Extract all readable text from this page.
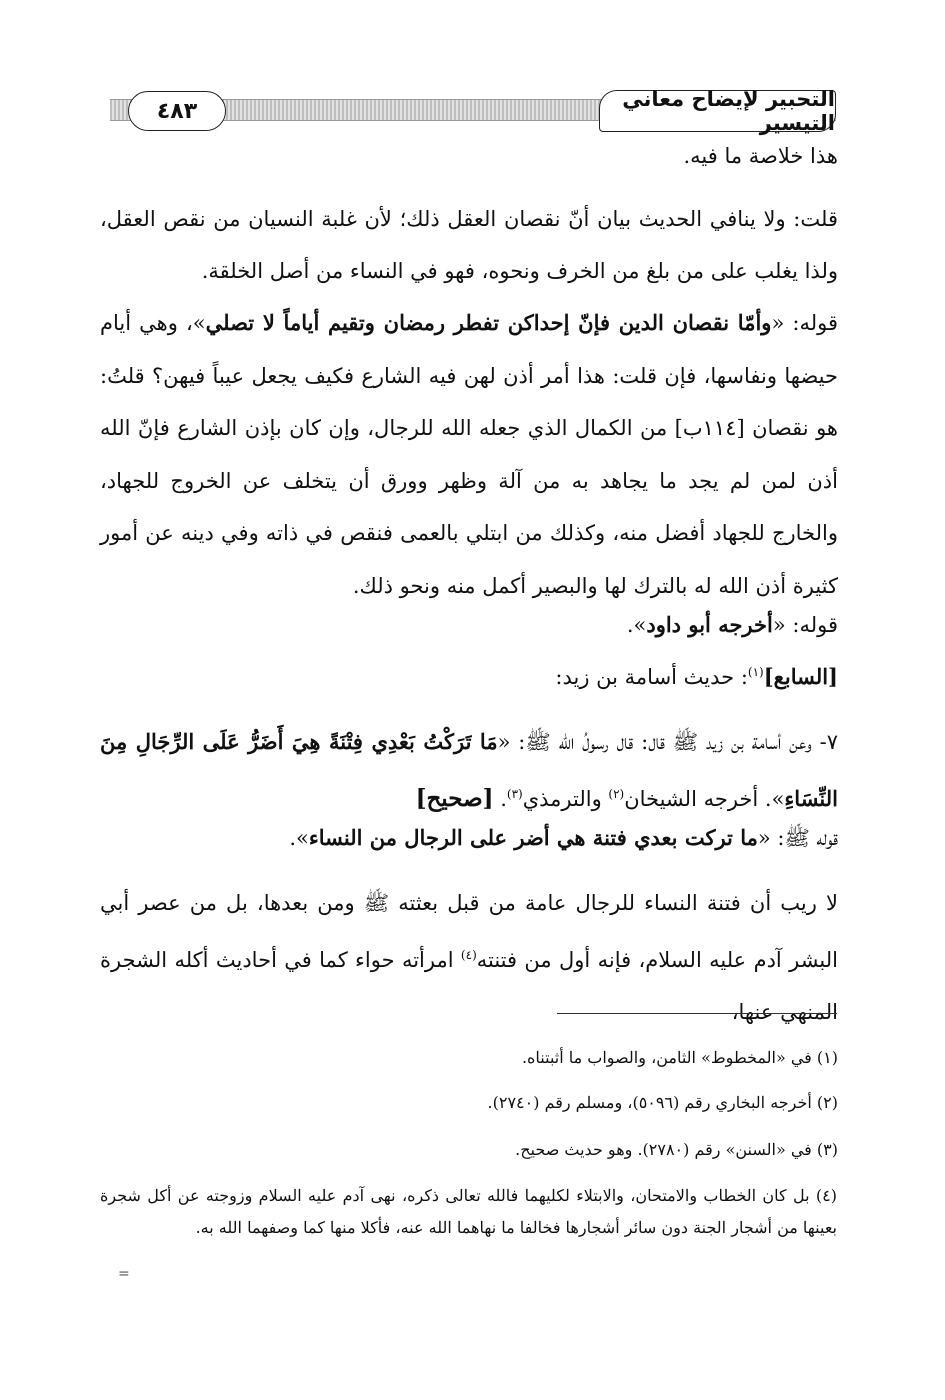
التحبير لإيضاح معاني التيسير
٤٨٣
هذا خلاصة ما فيه.
قلت: ولا ينافي الحديث بيان أنّ نقصان العقل ذلك؛ لأن غلبة النسيان من نقص العقل، ولذا يغلب على من بلغ من الخرف ونحوه، فهو في النساء من أصل الخلقة.
قوله: «وأمّا نقصان الدين فإنّ إحداكن تفطر رمضان وتقيم أياماً لا تصلي»، وهي أيام حيضها ونفاسها، فإن قلت: هذا أمر أذن لهن فيه الشارع فكيف يجعل عيباً فيهن؟ قلتُ: هو نقصان [١١٤ب] من الكمال الذي جعله الله للرجال، وإن كان بإذن الشارع فإنّ الله أذن لمن لم يجد ما يجاهد به من آلة وظهر وورق أن يتخلف عن الخروج للجهاد، والخارج للجهاد أفضل منه، وكذلك من ابتلي بالعمى فنقص في ذاته وفي دينه عن أمور كثيرة أذن الله له بالترك لها والبصير أكمل منه ونحو ذلك.
قوله: «أخرجه أبو داود».
[السابع]$^{(١)}$: حديث أسامة بن زيد:
٧- وعن أسامة بن زيد ﷺ قال: قال رسولُ الله ﷺ: «مَا تَرَكْتُ بَعْدِي فِتْنَةً هِيَ أَضَرُّ عَلَى الرِّجَالِ مِنَ النِّسَاءِ». أخرجه الشيخان$^{(٢)}$ والترمذي$^{(٣)}$. [صحيح]
قوله ﷺ: «ما تركت بعدي فتنة هي أضر على الرجال من النساء».
لا ريب أن فتنة النساء للرجال عامة من قبل بعثته ﷺ ومن بعدها، بل من عصر أبي البشر آدم عليه السلام، فإنه أول من فتنته$^{(٤)}$ امرأته حواء كما في أحاديث أكله الشجرة المنهي عنها،
(١) في «المخطوط» الثامن، والصواب ما أثبتناه.
(٢) أخرجه البخاري رقم (٥٠٩٦)، ومسلم رقم (٢٧٤٠).
(٣) في «السنن» رقم (٢٧٨٠). وهو حديث صحيح.
(٤) بل كان الخطاب والامتحان، والابتلاء لكليهما فالله تعالى ذكره، نهى آدم عليه السلام وزوجته عن أكل شجرة بعينها من أشجار الجنة دون سائر أشجارها فخالفا ما نهاهما الله عنه، فأكلا منها كما وصفهما الله به.
=
